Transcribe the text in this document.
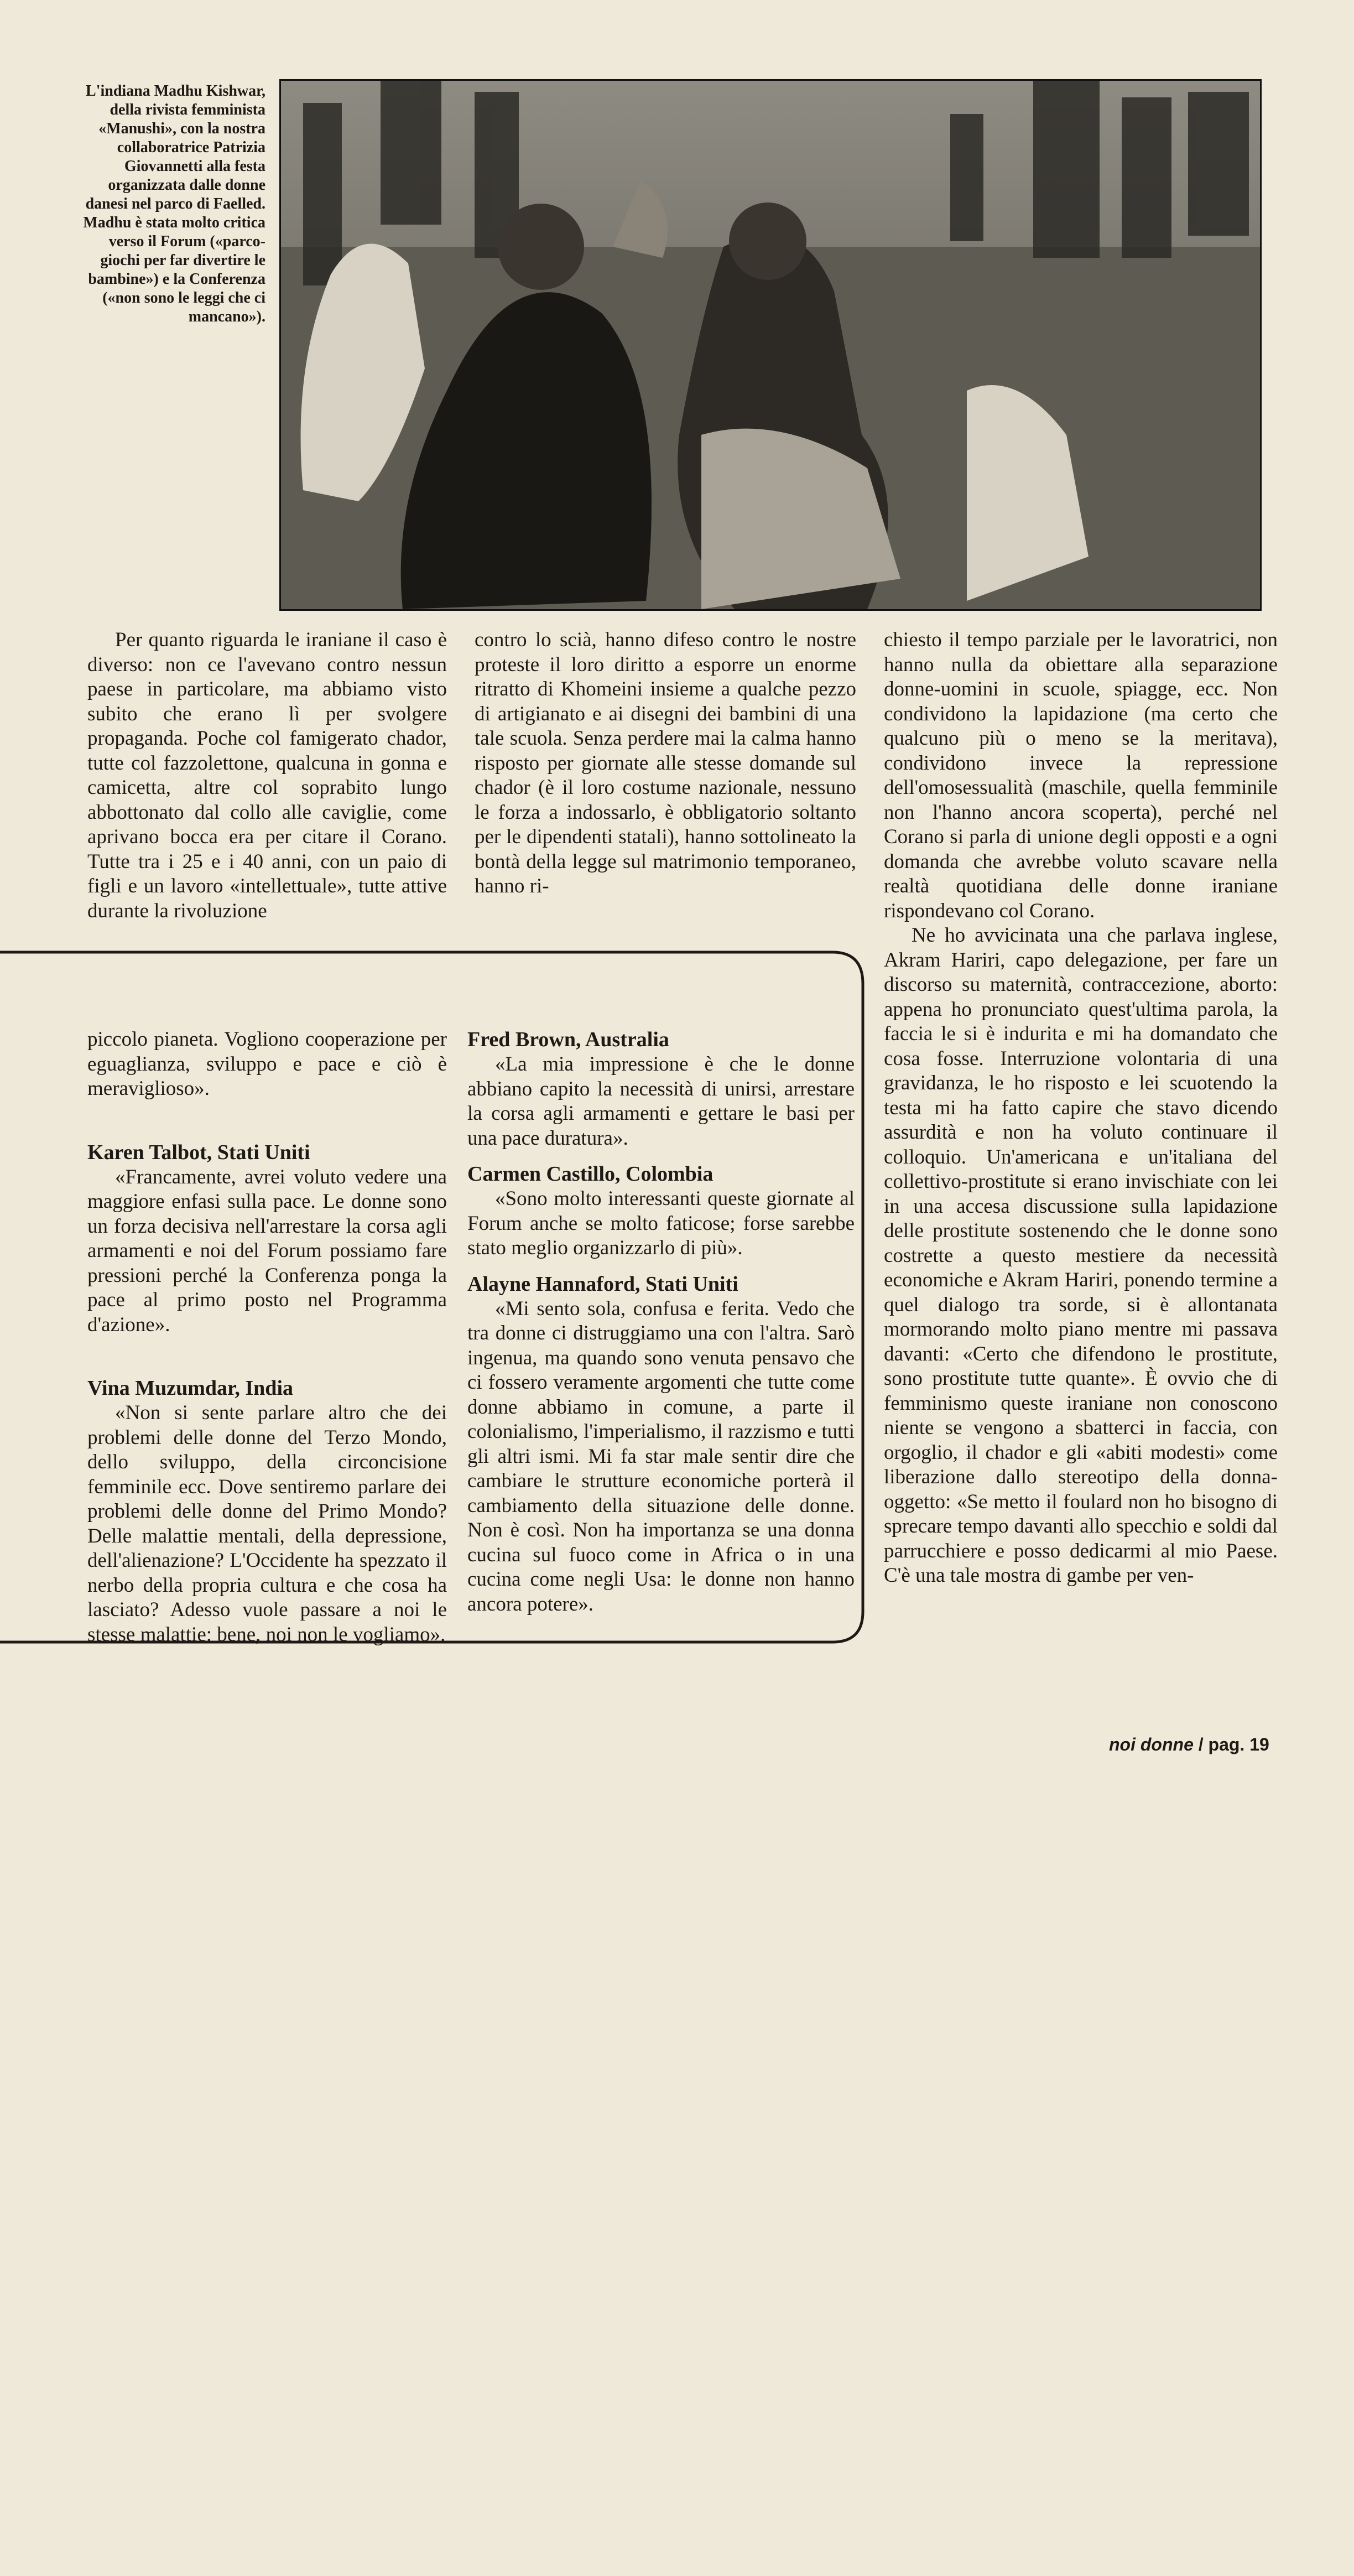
L'indiana Madhu Kishwar, della rivista femminista «Manushi», con la nostra collaboratrice Patrizia Giovannetti alla festa organizzata dalle donne danesi nel parco di Faelled. Madhu è stata molto critica verso il Forum («parco-giochi per far divertire le bambine») e la Conferenza («non sono le leggi che ci mancano»).

Per quanto riguarda le iraniane il caso è diverso: non ce l'avevano contro nessun paese in particolare, ma abbiamo visto subito che erano lì per svolgere propaganda. Poche col famigerato chador, tutte col fazzolettone, qualcuna in gonna e camicetta, altre col soprabito lungo abbottonato dal collo alle caviglie, come aprivano bocca era per citare il Corano. Tutte tra i 25 e i 40 anni, con un paio di figli e un lavoro «intellettuale», tutte attive durante la rivoluzione

contro lo scià, hanno difeso contro le nostre proteste il loro diritto a esporre un enorme ritratto di Khomeini insieme a qualche pezzo di artigianato e ai disegni dei bambini di una tale scuola. Senza perdere mai la calma hanno risposto per giornate alle stesse domande sul chador (è il loro costume nazionale, nessuno le forza a indossarlo, è obbligatorio soltanto per le dipendenti statali), hanno sottolineato la bontà della legge sul matrimonio temporaneo, hanno ri-

chiesto il tempo parziale per le lavoratrici, non hanno nulla da obiettare alla separazione donne-uomini in scuole, spiagge, ecc. Non condividono la lapidazione (ma certo che qualcuno più o meno se la meritava), condividono invece la repressione dell'omosessualità (maschile, quella femminile non l'hanno ancora scoperta), perché nel Corano si parla di unione degli opposti e a ogni domanda che avrebbe voluto scavare nella realtà quotidiana delle donne iraniane rispondevano col Corano.

Ne ho avvicinata una che parlava inglese, Akram Hariri, capo delegazione, per fare un discorso su maternità, contraccezione, aborto: appena ho pronunciato quest'ultima parola, la faccia le si è indurita e mi ha domandato che cosa fosse. Interruzione volontaria di una gravidanza, le ho risposto e lei scuotendo la testa mi ha fatto capire che stavo dicendo assurdità e non ha voluto continuare il colloquio. Un'americana e un'italiana del collettivo-prostitute si erano invischiate con lei in una accesa discussione sulla lapidazione delle prostitute sostenendo che le donne sono costrette a questo mestiere da necessità economiche e Akram Hariri, ponendo termine a quel dialogo tra sorde, si è allontanata mormorando molto piano mentre mi passava davanti: «Certo che difendono le prostitute, sono prostitute tutte quante». È ovvio che di femminismo queste iraniane non conoscono niente se vengono a sbatterci in faccia, con orgoglio, il chador e gli «abiti modesti» come liberazione dallo stereotipo della donna-oggetto: «Se metto il foulard non ho bisogno di sprecare tempo davanti allo specchio e soldi dal parrucchiere e posso dedicarmi al mio Paese. C'è una tale mostra di gambe per ven-

piccolo pianeta. Vogliono cooperazione per eguaglianza, sviluppo e pace e ciò è meraviglioso».

Karen Talbot, Stati Uniti

«Francamente, avrei voluto vedere una maggiore enfasi sulla pace. Le donne sono un forza decisiva nell'arrestare la corsa agli armamenti e noi del Forum possiamo fare pressioni perché la Conferenza ponga la pace al primo posto nel Programma d'azione».

Vina Muzumdar, India

«Non si sente parlare altro che dei problemi delle donne del Terzo Mondo, dello sviluppo, della circoncisione femminile ecc. Dove sentiremo parlare dei problemi delle donne del Primo Mondo? Delle malattie mentali, della depressione, dell'alienazione? L'Occidente ha spezzato il nerbo della propria cultura e che cosa ha lasciato? Adesso vuole passare a noi le stesse malattie: bene, noi non le vogliamo».

Fred Brown, Australia

«La mia impressione è che le donne abbiano capito la necessità di unirsi, arrestare la corsa agli armamenti e gettare le basi per una pace duratura».

Carmen Castillo, Colombia

«Sono molto interessanti queste giornate al Forum anche se molto faticose; forse sarebbe stato meglio organizzarlo di più».

Alayne Hannaford, Stati Uniti

«Mi sento sola, confusa e ferita. Vedo che tra donne ci distruggiamo una con l'altra. Sarò ingenua, ma quando sono venuta pensavo che ci fossero veramente argomenti che tutte come donne abbiamo in comune, a parte il colonialismo, l'imperialismo, il razzismo e tutti gli altri ismi. Mi fa star male sentir dire che cambiare le strutture economiche porterà il cambiamento della situazione delle donne. Non è così. Non ha importanza se una donna cucina sul fuoco come in Africa o in una cucina come negli Usa: le donne non hanno ancora potere».

noi donne / pag. 19
